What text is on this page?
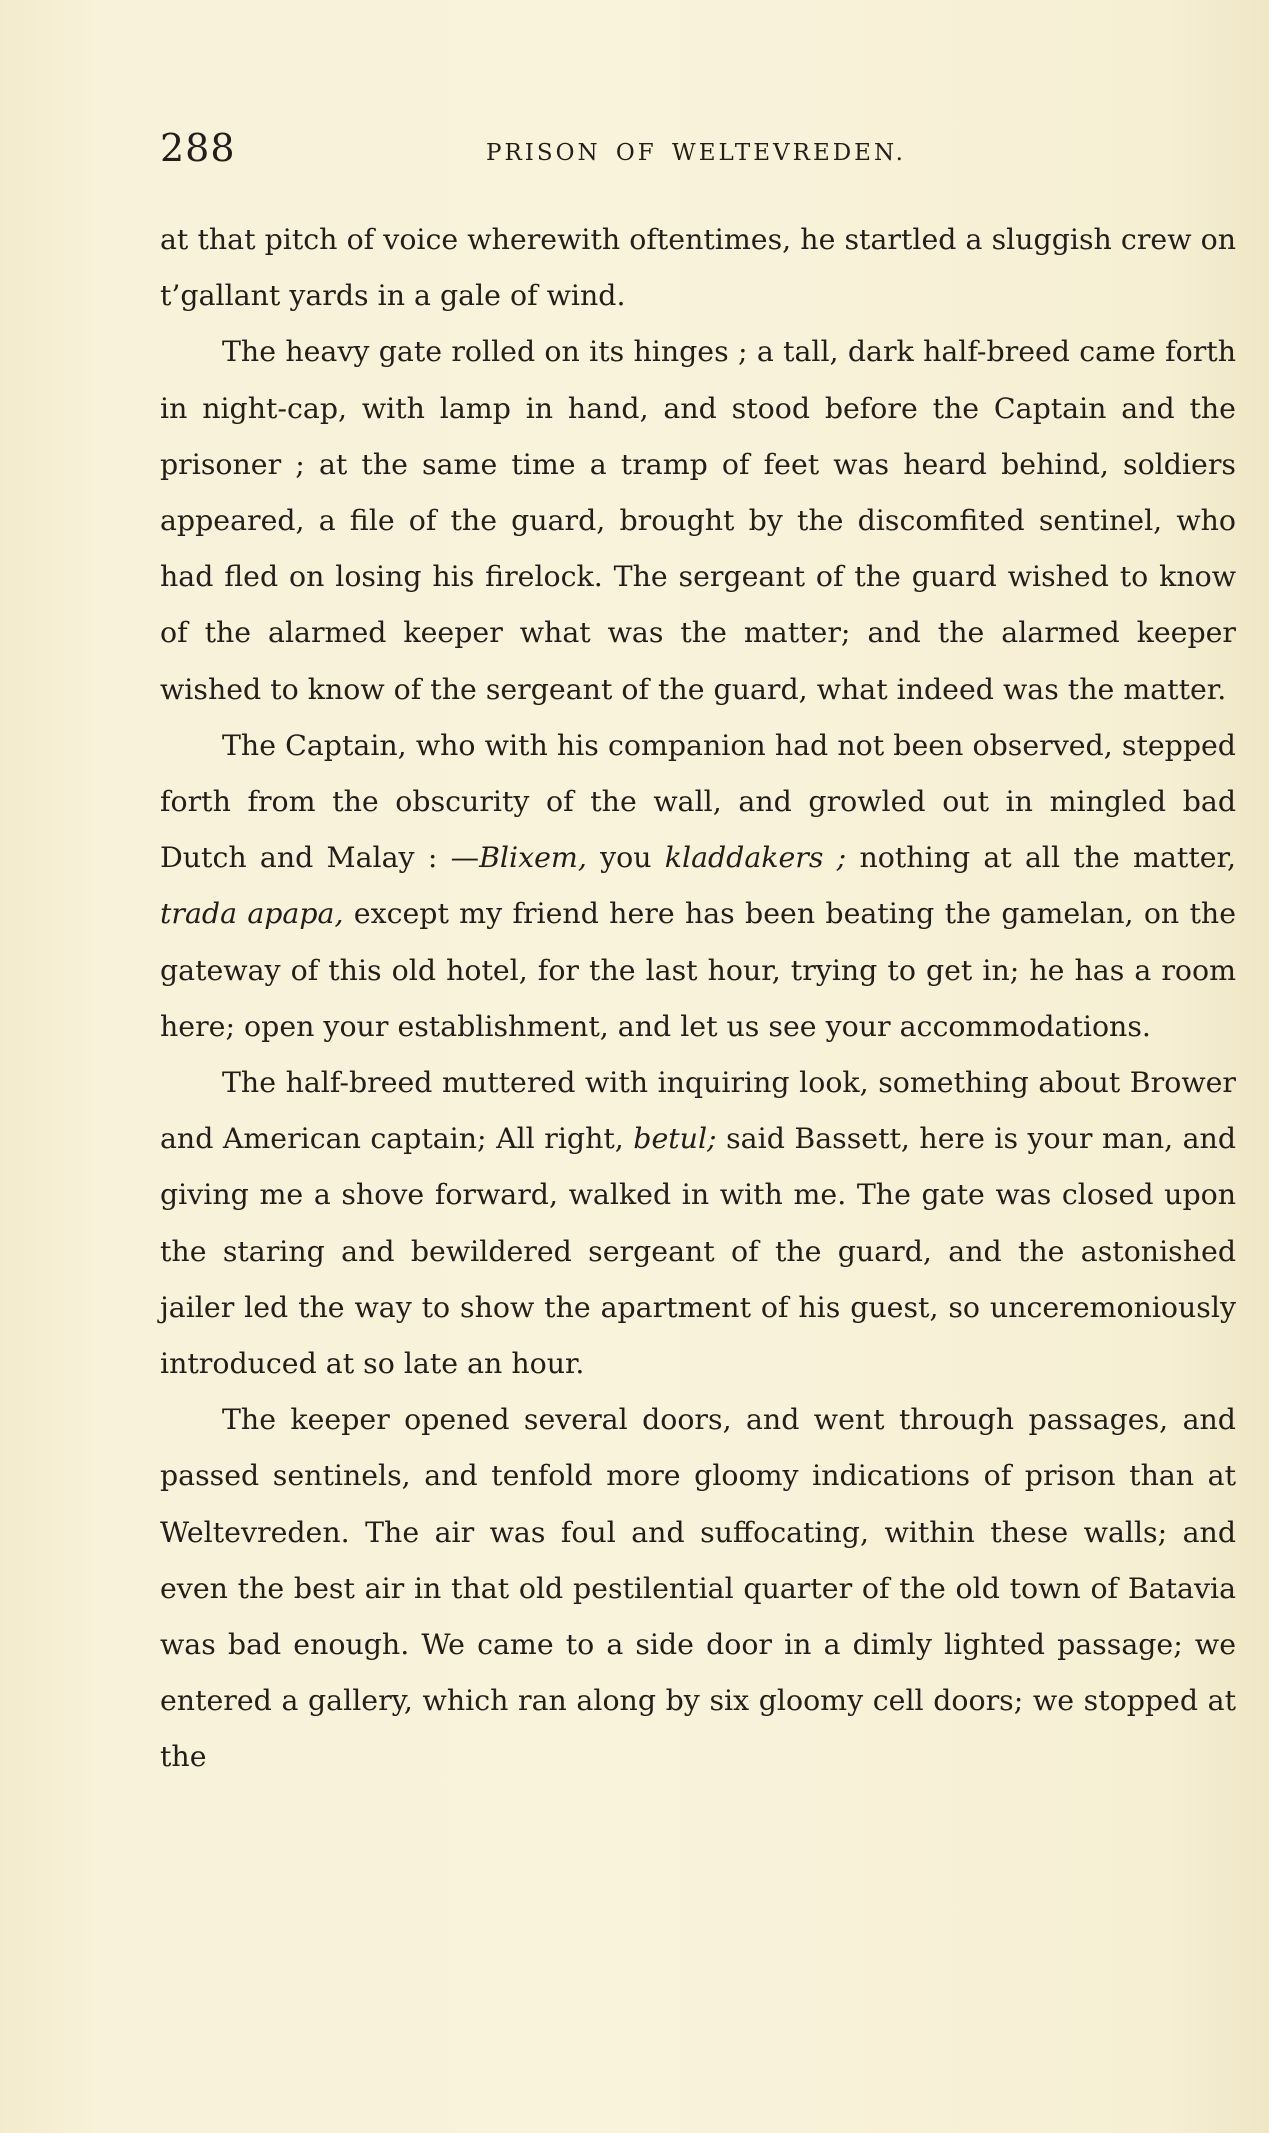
288	PRISON OF WELTEVREDEN.

at that pitch of voice wherewith oftentimes, he startled a sluggish crew on t’gallant yards in a gale of wind.

The heavy gate rolled on its hinges ; a tall, dark half-breed came forth in night-cap, with lamp in hand, and stood before the Captain and the prisoner ; at the same time a tramp of feet was heard behind, soldiers appeared, a file of the guard, brought by the discomfited sentinel, who had fled on losing his firelock. The sergeant of the guard wished to know of the alarmed keeper what was the matter; and the alarmed keeper wished to know of the sergeant of the guard, what indeed was the matter.

The Captain, who with his companion had not been observed, stepped forth from the obscurity of the wall, and growled out in mingled bad Dutch and Malay : —Blixem, you kladdakers ; nothing at all the matter, trada apapa, except my friend here has been beating the gamelan, on the gateway of this old hotel, for the last hour, trying to get in; he has a room here; open your establishment, and let us see your accommodations.

The half-breed muttered with inquiring look, something about Brower and American captain; All right, betul; said Bassett, here is your man, and giving me a shove forward, walked in with me. The gate was closed upon the staring and bewildered sergeant of the guard, and the astonished jailer led the way to show the apartment of his guest, so unceremoniously introduced at so late an hour.

The keeper opened several doors, and went through passages, and passed sentinels, and tenfold more gloomy indications of prison than at Weltevreden. The air was foul and suffocating, within these walls; and even the best air in that old pestilential quarter of the old town of Batavia was bad enough. We came to a side door in a dimly lighted passage; we entered a gallery, which ran along by six gloomy cell doors; we stopped at the
